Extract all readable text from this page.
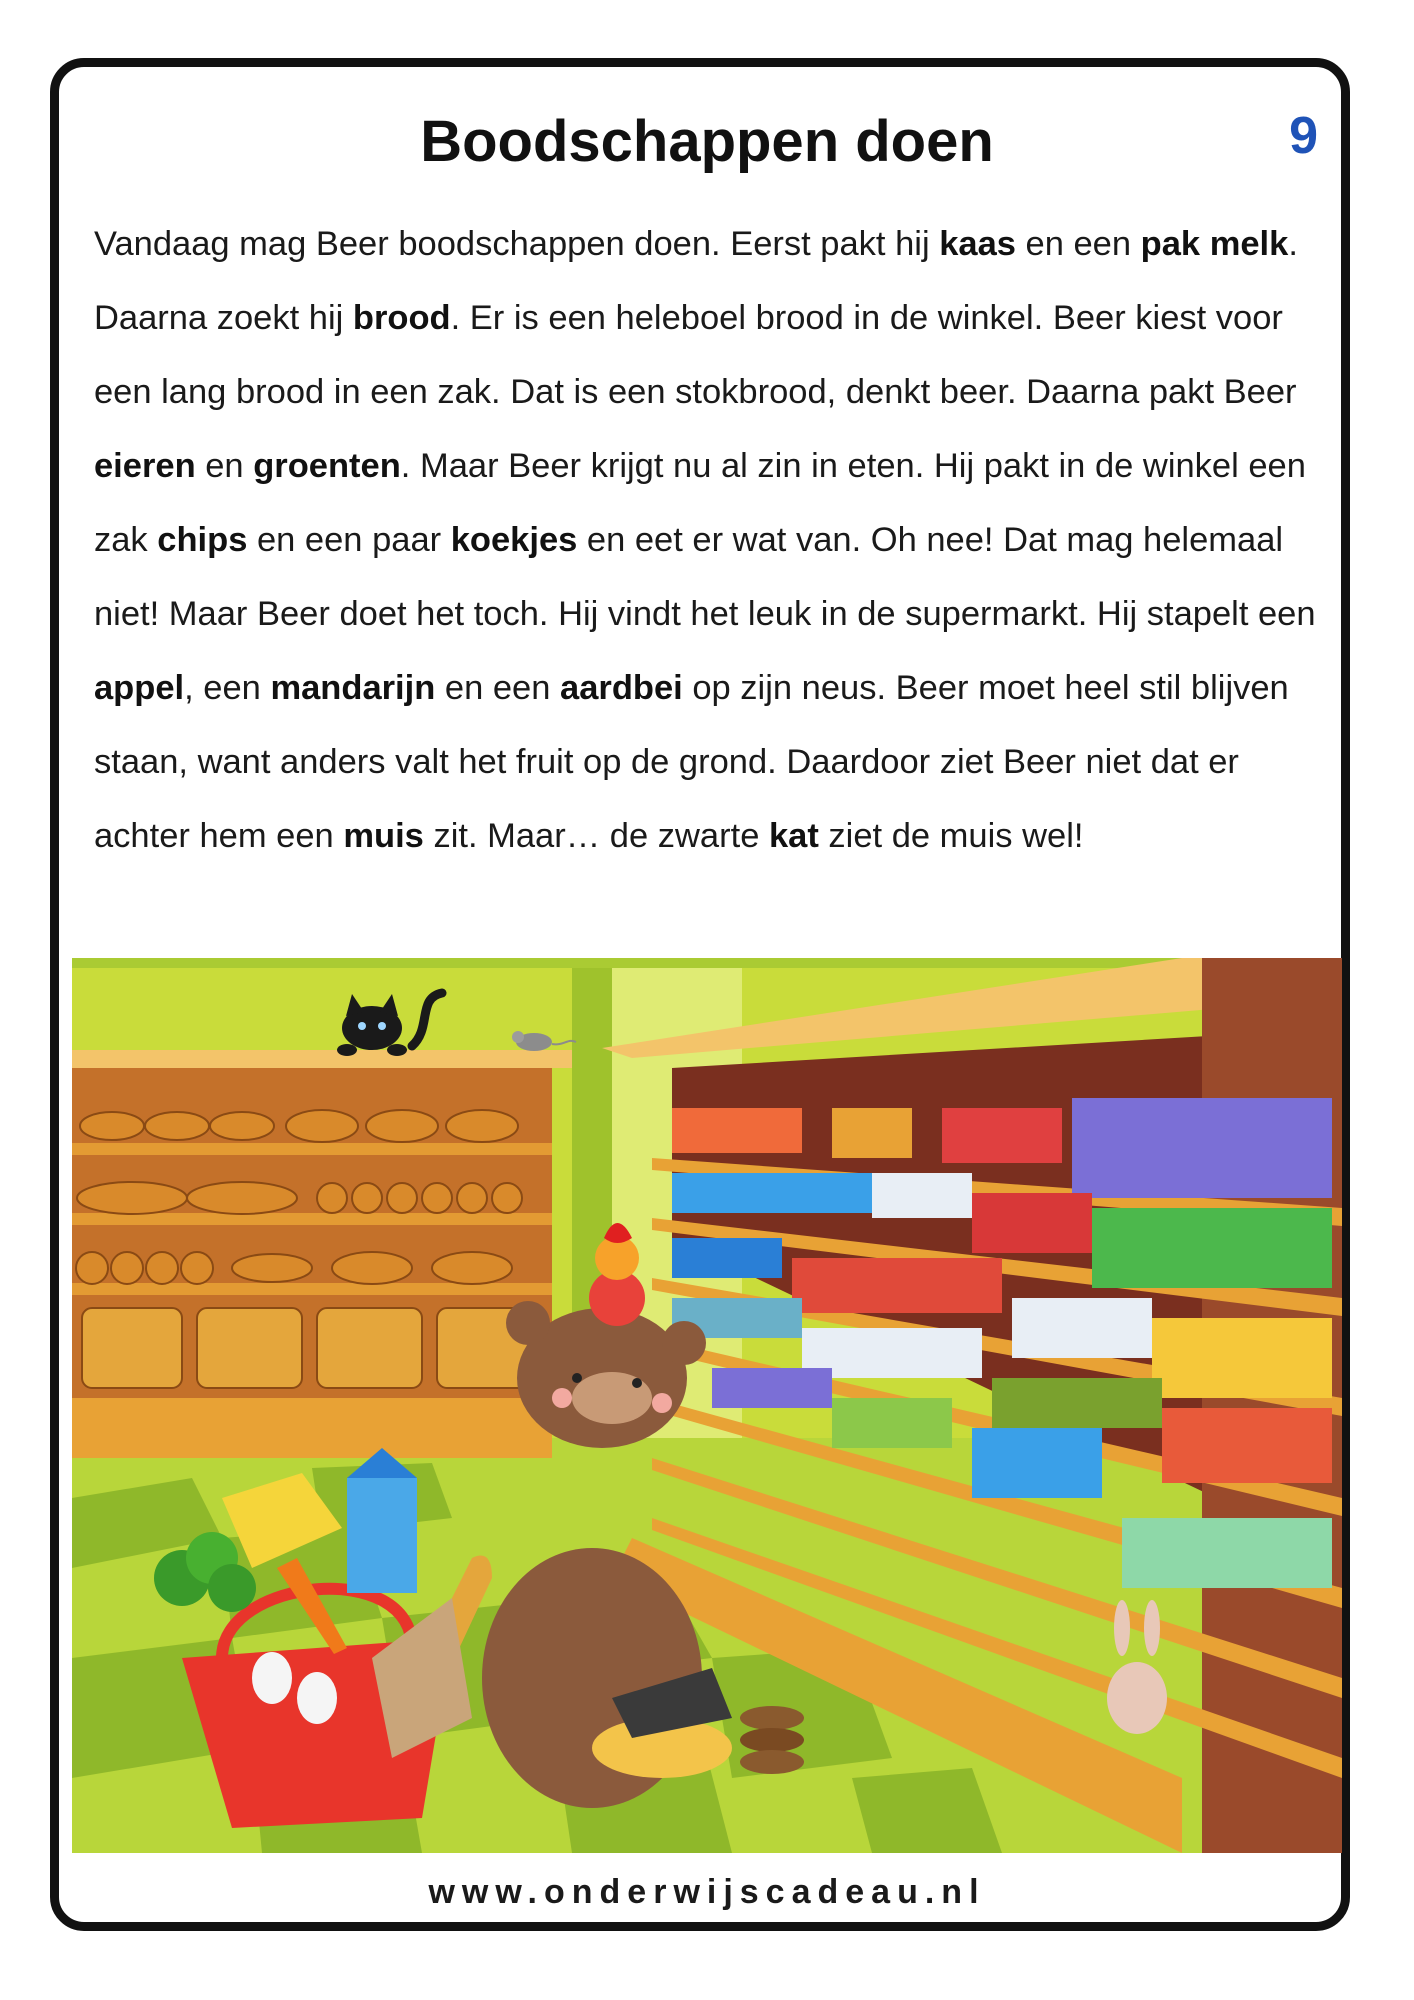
Boodschappen doen	9

Vandaag mag Beer boodschappen doen. Eerst pakt hij kaas en een pak melk. Daarna zoekt hij brood. Er is een heleboel brood in de winkel. Beer kiest voor een lang brood in een zak. Dat is een stokbrood, denkt beer. Daarna pakt Beer eieren en groenten. Maar Beer krijgt nu al zin in eten. Hij pakt in de winkel een zak chips en een paar koekjes en eet er wat van. Oh nee! Dat mag helemaal niet! Maar Beer doet het toch. Hij vindt het leuk in de supermarkt. Hij stapelt een appel, een mandarijn en een aardbei op zijn neus. Beer moet heel stil blijven staan, want anders valt het fruit op de grond. Daardoor ziet Beer niet dat er achter hem een muis zit. Maar… de zwarte kat ziet de muis wel!

www.onderwijscadeau.nl
